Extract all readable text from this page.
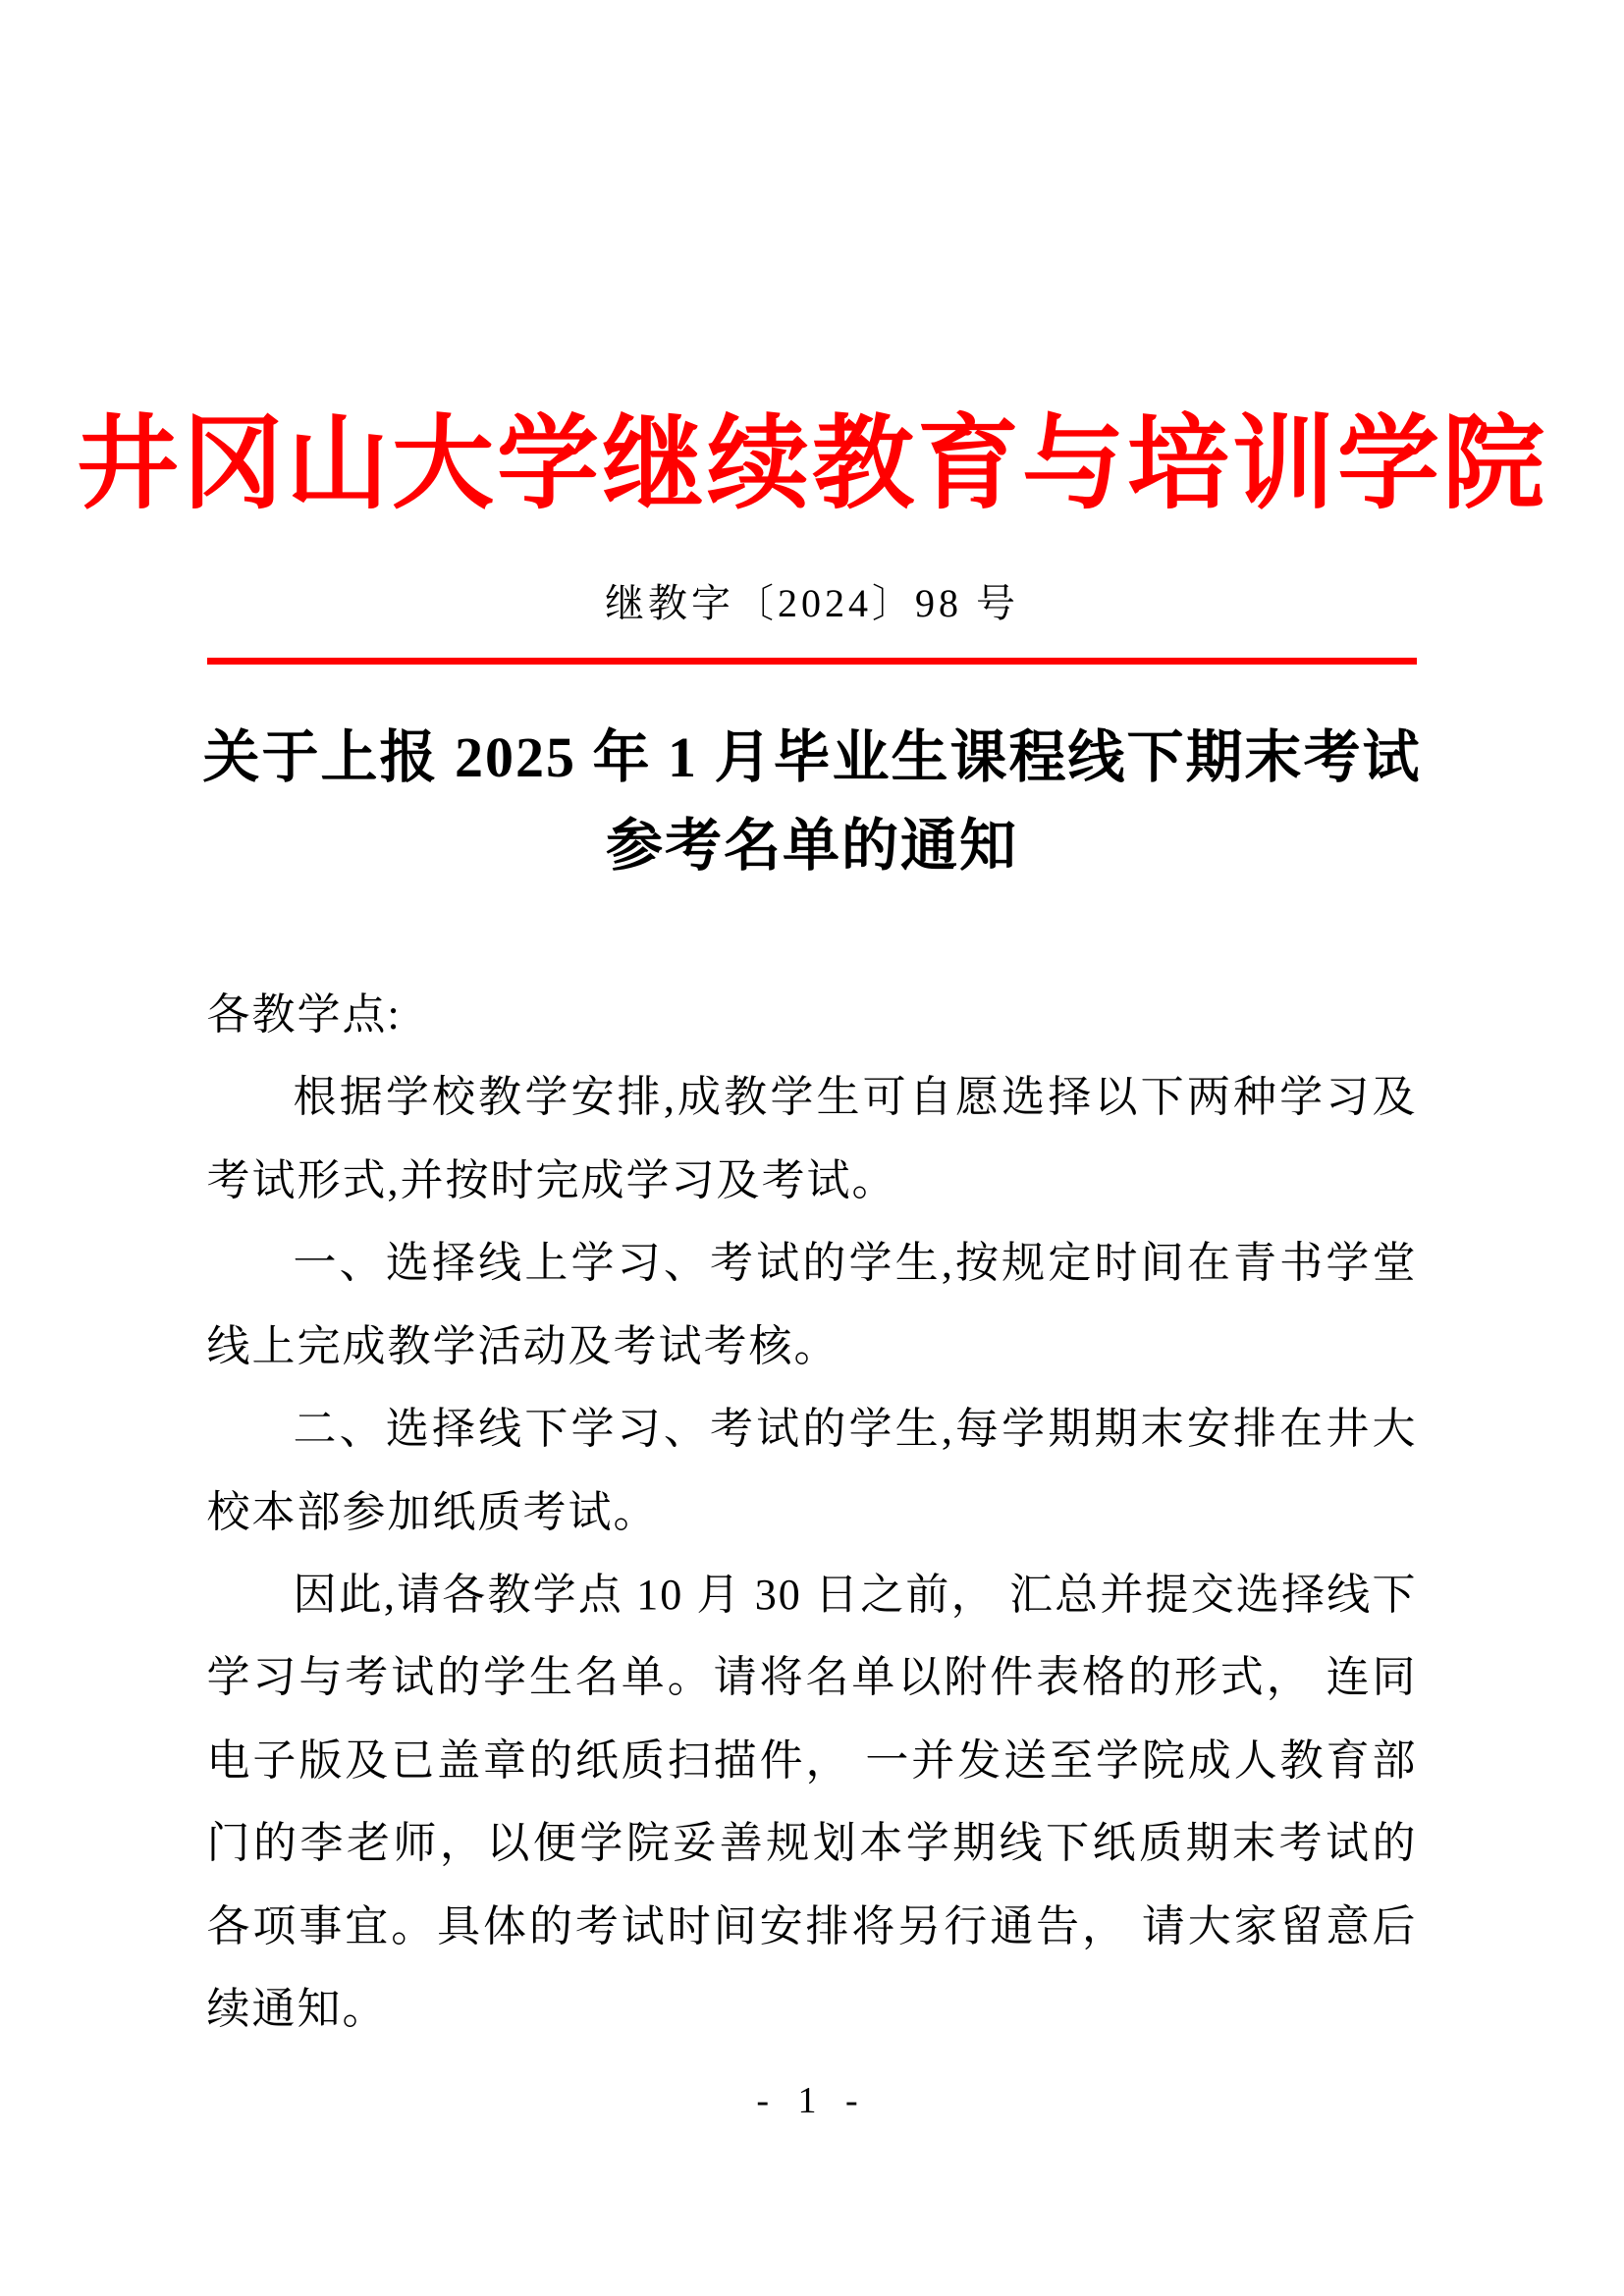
井冈山大学继续教育与培训学院
继教字〔2024〕98 号
关于上报 2025 年 1 月毕业生课程线下期末考试
参考名单的通知

各教学点:

根据学校教学安排,成教学生可自愿选择以下两种学习及考试形式,并按时完成学习及考试。

一、选择线上学习、考试的学生,按规定时间在青书学堂线上完成教学活动及考试考核。

二、选择线下学习、考试的学生,每学期期末安排在井大校本部参加纸质考试。

因此,请各教学点 10 月 30 日之前， 汇总并提交选择线下学习与考试的学生名单。请将名单以附件表格的形式， 连同电子版及已盖章的纸质扫描件， 一并发送至学院成人教育部门的李老师，以便学院妥善规划本学期线下纸质期末考试的各项事宜。具体的考试时间安排将另行通告， 请大家留意后续通知。

- 1 -
